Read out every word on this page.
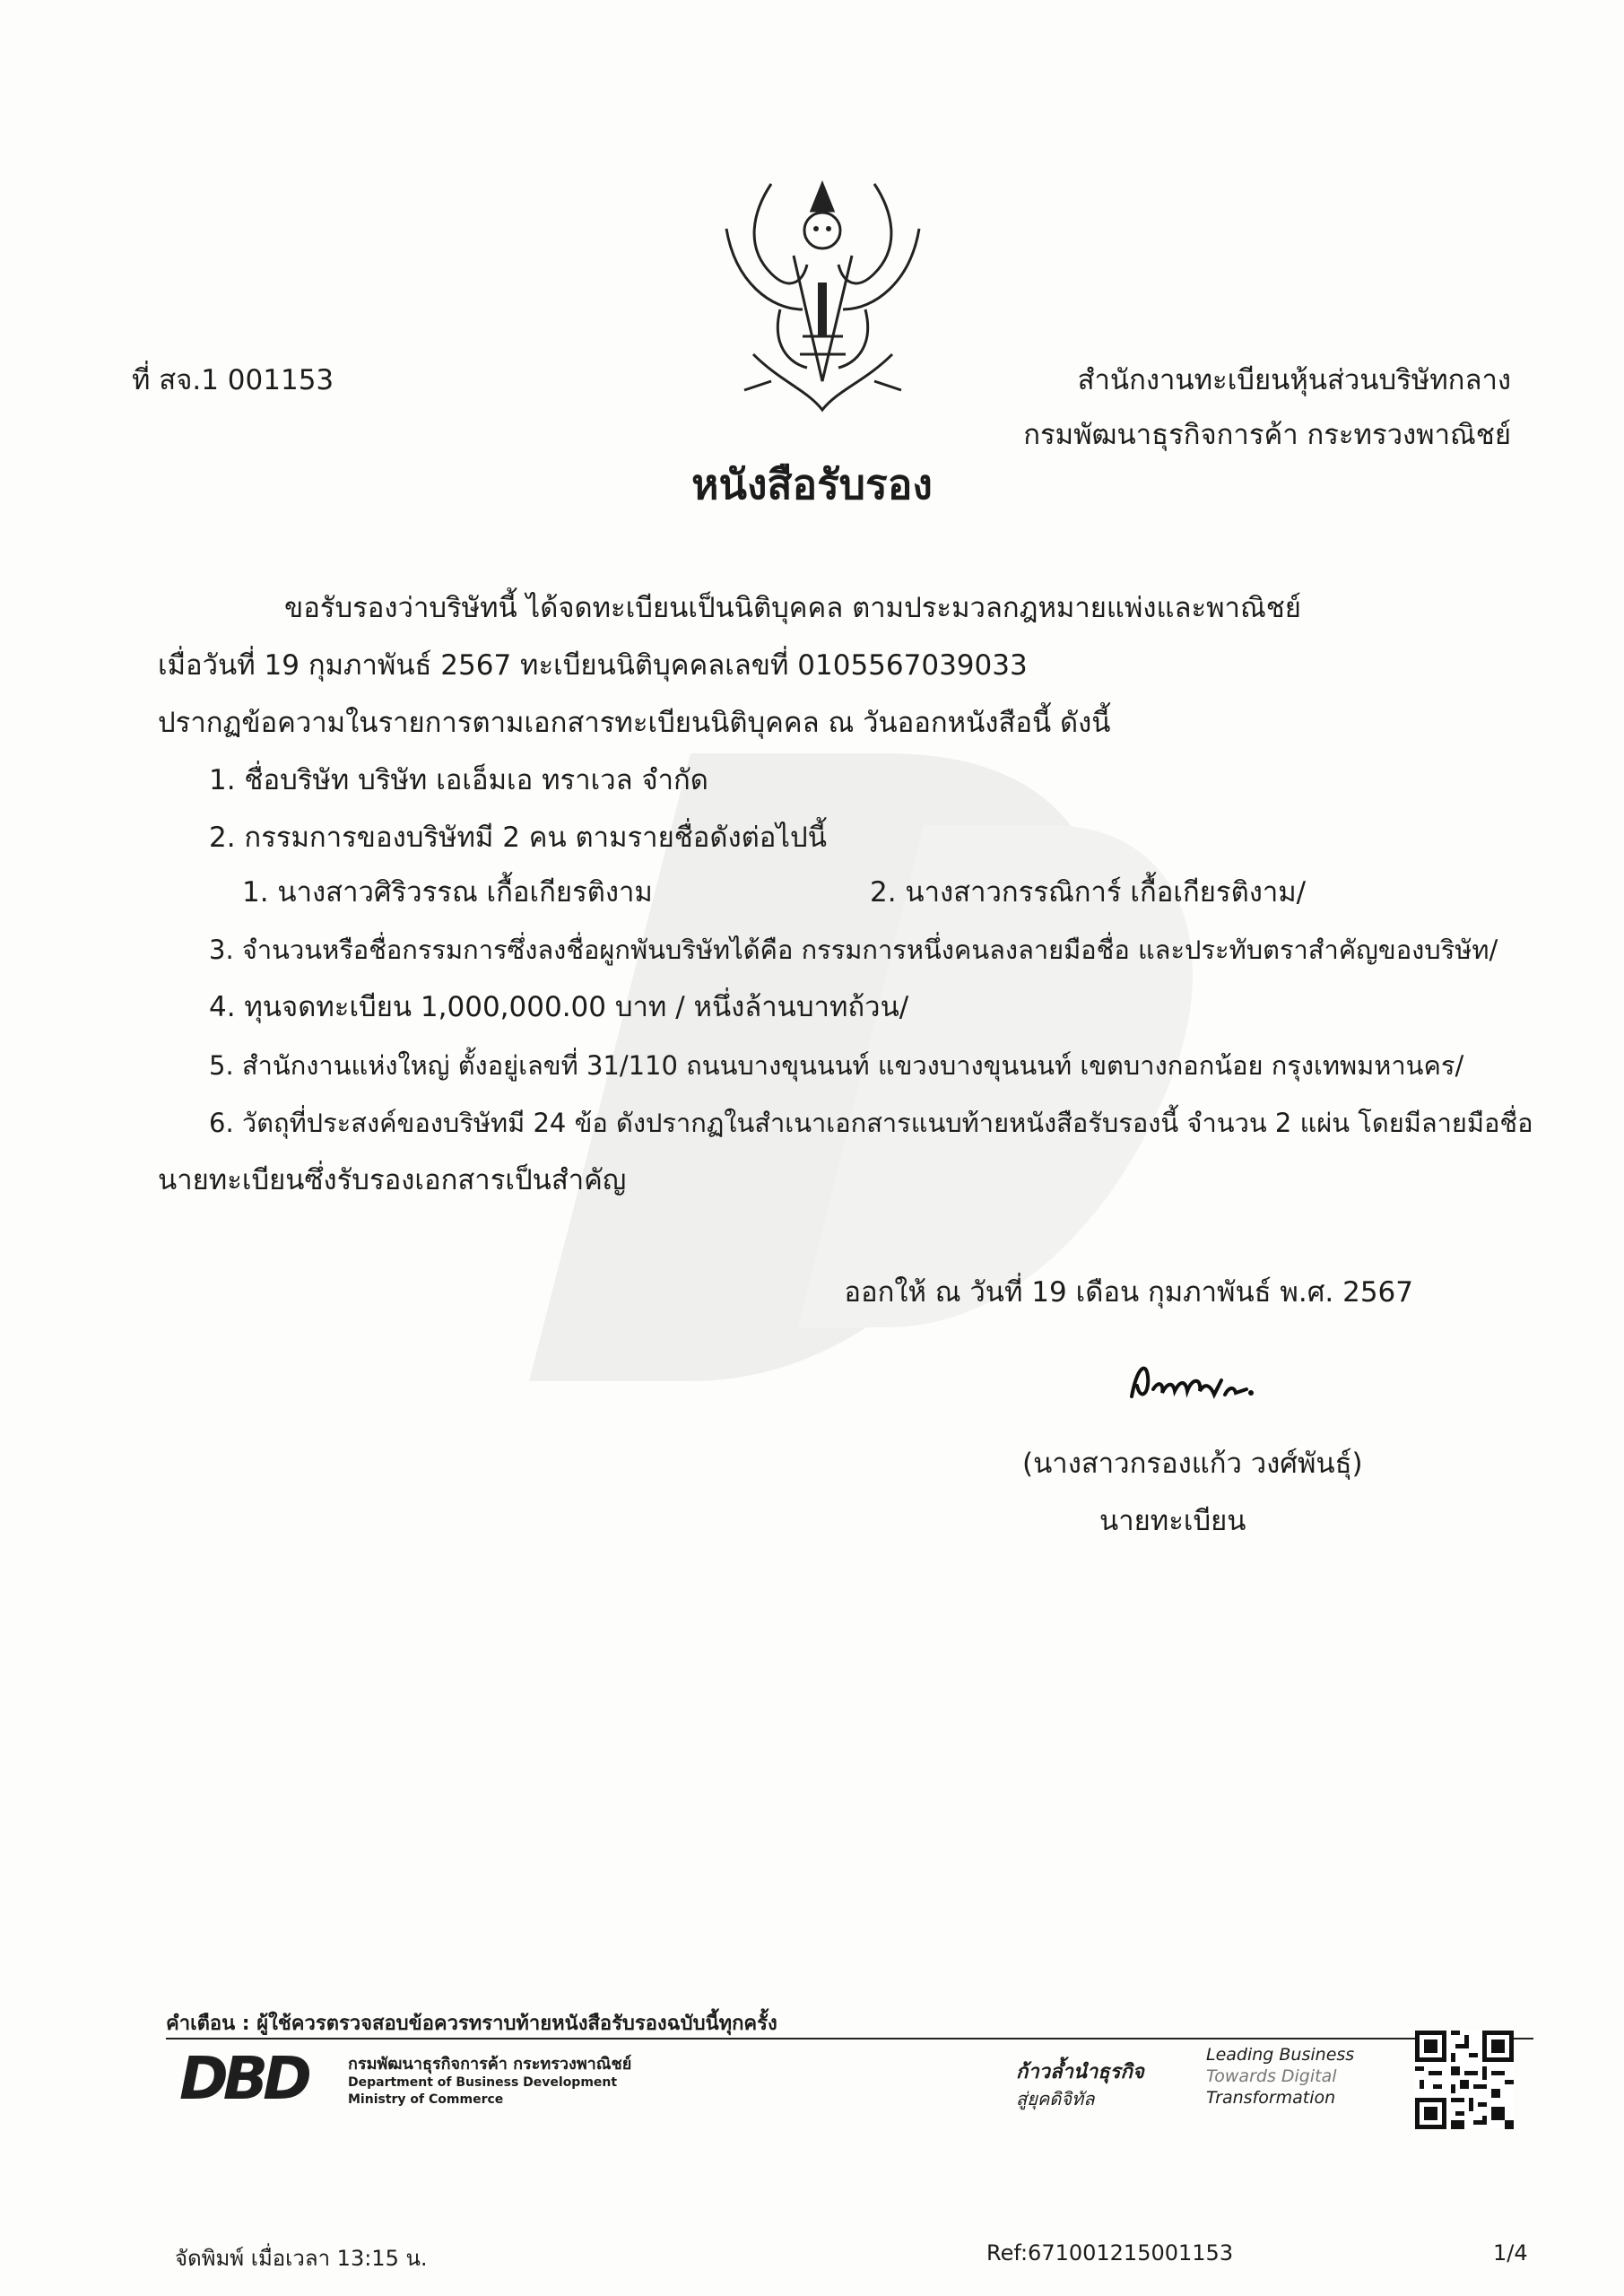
ที่ สจ.1 001153	สำนักงานทะเบียนหุ้นส่วนบริษัทกลาง
กรมพัฒนาธุรกิจการค้า กระทรวงพาณิชย์
หนังสือรับรอง
ขอรับรองว่าบริษัทนี้ ได้จดทะเบียนเป็นนิติบุคคล ตามประมวลกฎหมายแพ่งและพาณิชย์
เมื่อวันที่ 19 กุมภาพันธ์ 2567 ทะเบียนนิติบุคคลเลขที่ 0105567039033
ปรากฏข้อความในรายการตามเอกสารทะเบียนนิติบุคคล ณ วันออกหนังสือนี้ ดังนี้
1. ชื่อบริษัท บริษัท เอเอ็มเอ ทราเวล จำกัด
2. กรรมการของบริษัทมี 2 คน ตามรายชื่อดังต่อไปนี้
1. นางสาวศิริวรรณ เกื้อเกียรติงาม	2. นางสาวกรรณิการ์ เกื้อเกียรติงาม/
3. จำนวนหรือชื่อกรรมการซึ่งลงชื่อผูกพันบริษัทได้คือ กรรมการหนึ่งคนลงลายมือชื่อ และประทับตราสำคัญของบริษัท/
4. ทุนจดทะเบียน 1,000,000.00 บาท / หนึ่งล้านบาทถ้วน/
5. สำนักงานแห่งใหญ่ ตั้งอยู่เลขที่ 31/110 ถนนบางขุนนนท์ แขวงบางขุนนนท์ เขตบางกอกน้อย กรุงเทพมหานคร/
6. วัตถุที่ประสงค์ของบริษัทมี 24 ข้อ ดังปรากฏในสำเนาเอกสารแนบท้ายหนังสือรับรองนี้ จำนวน 2 แผ่น โดยมีลายมือชื่อ
นายทะเบียนซึ่งรับรองเอกสารเป็นสำคัญ
ออกให้ ณ วันที่ 19 เดือน กุมภาพันธ์ พ.ศ. 2567
(นางสาวกรองแก้ว วงศ์พันธุ์)
นายทะเบียน
คำเตือน : ผู้ใช้ควรตรวจสอบข้อควรทราบท้ายหนังสือรับรองฉบับนี้ทุกครั้ง
DBD	กรมพัฒนาธุรกิจการค้า กระทรวงพาณิชย์
Department of Business Development
Ministry of Commerce
ก้าวล้ำนำธุรกิจ
สู่ยุคดิจิทัล
Leading Business
Towards Digital
Transformation
จัดพิมพ์ เมื่อเวลา 13:15 น.	Ref:671001215001153	1/4
